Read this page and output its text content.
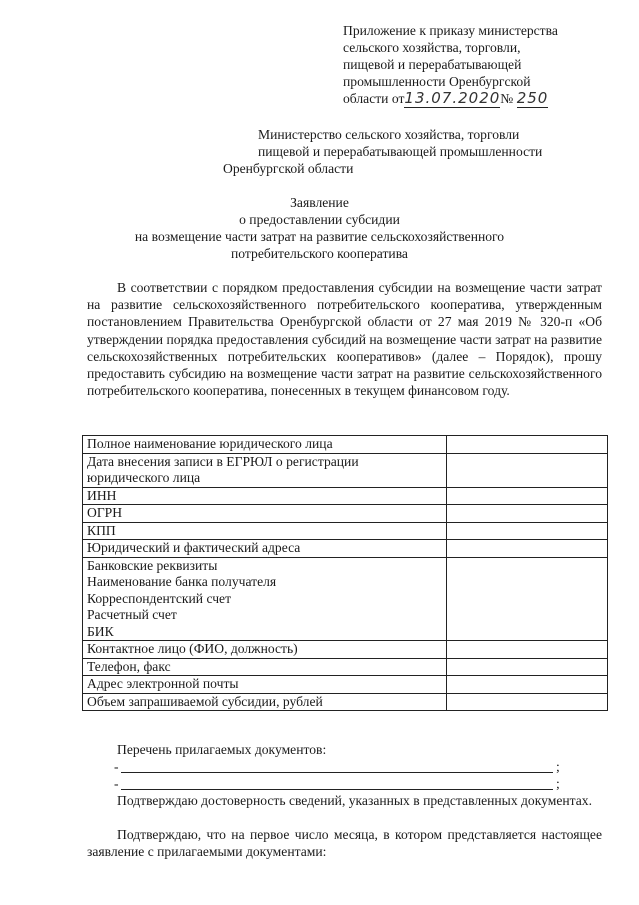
Приложение к приказу министерства
сельского хозяйства, торговли,
пищевой и перерабатывающей
промышленности Оренбургской
области от13.07.2020№ 250
Министерство сельского хозяйства, торговли
пищевой и перерабатывающей промышленности
Оренбургской области
Заявление
о предоставлении субсидии
на возмещение части затрат на развитие сельскохозяйственного
потребительского кооператива
В соответствии с порядком предоставления субсидии на возмещение части затрат на развитие сельскохозяйственного потребительского кооператива, утвержденным постановлением Правительства Оренбургской области от 27 мая 2019 № 320-п «Об утверждении порядка предоставления субсидий на возмещение части затрат на развитие сельскохозяйственных потребительских кооперативов» (далее – Порядок), прошу предоставить субсидию на возмещение части затрат на развитие сельскохозяйственного потребительского кооператива, понесенных в текущем финансовом году.
Полное наименование юридического лица	

Дата внесения записи в ЕГРЮЛ о регистрации
юридического лица	

ИНН	

ОГРН	

КПП	

Юридический и фактический адреса	

Банковские реквизиты
Наименование банка получателя
Корреспондентский счет
Расчетный счет
БИК	

Контактное лицо (ФИО, должность)	

Телефон, факс	

Адрес электронной почты	

Объем запрашиваемой субсидии, рублей	

Перечень прилагаемых документов:
-	;
-	;
Подтверждаю достоверность сведений, указанных в представленных документах.
Подтверждаю, что на первое число месяца, в котором представляется настоящее заявление с прилагаемыми документами:
